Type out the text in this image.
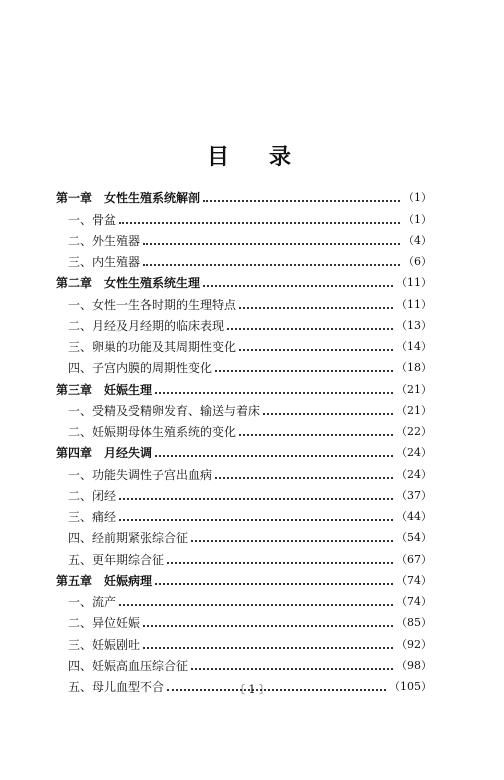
目 录
第一章　女性生殖系统解剖	（1）
一、骨盆	（1）
二、外生殖器	（4）
三、内生殖器	（6）
第二章　女性生殖系统生理	（11）
一、女性一生各时期的生理特点	（11）
二、月经及月经期的临床表现	（13）
三、卵巢的功能及其周期性变化	（14）
四、子宫内膜的周期性变化	（18）
第三章　妊娠生理	（21）
一、受精及受精卵发育、输送与着床	（21）
二、妊娠期母体生殖系统的变化	（22）
第四章　月经失调	（24）
一、功能失调性子宫出血病	（24）
二、闭经	（37）
三、痛经	（44）
四、经前期紧张综合征	（54）
五、更年期综合征	（67）
第五章　妊娠病理	（74）
一、流产	（74）
二、异位妊娠	（85）
三、妊娠剧吐	（92）
四、妊娠高血压综合征	（98）
五、母儿血型不合	（105）
〔 1 〕
